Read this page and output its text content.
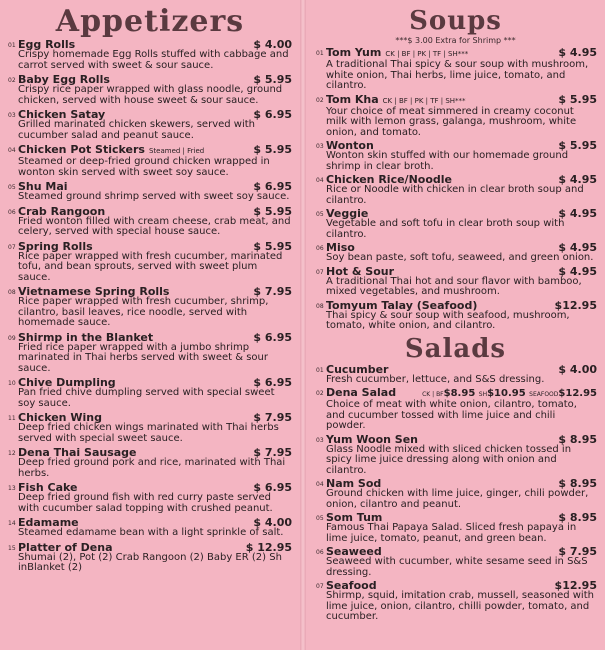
Appetizers
01 Egg Rolls	$ 4.00
Crispy homemade Egg Rolls stuffed with cabbage and carrot served with sweet & sour sauce.
02 Baby Egg Rolls	$ 5.95
Crispy rice paper wrapped with glass noodle, ground chicken, served with house sweet & sour sauce.
03 Chicken Satay	$ 6.95
Grilled marinated chicken skewers, served with cucumber salad and peanut sauce.
04 Chicken Pot Stickers Steamed | Fried	$ 5.95
Steamed or deep-fried ground chicken wrapped in wonton skin served with sweet soy sauce.
05 Shu Mai	$ 6.95
Steamed ground shrimp served with sweet soy sauce.
06 Crab Rangoon	$ 5.95
Fried wonton filled with cream cheese, crab meat, and celery, served with special house sauce.
07 Spring Rolls	$ 5.95
Rice paper wrapped with fresh cucumber, marinated tofu, and bean sprouts, served with sweet plum sauce.
08 Vietnamese Spring Rolls	$ 7.95
Rice paper wrapped with fresh cucumber, shrimp, cilantro, basil leaves, rice noodle, served with homemade sauce.
09 Shirmp in the Blanket	$ 6.95
Fried rice paper wrapped with a jumbo shrimp marinated in Thai herbs served with sweet & sour sauce.
10 Chive Dumpling	$ 6.95
Pan fried chive dumpling served with special sweet soy sauce.
11 Chicken Wing	$ 7.95
Deep fried chicken wings marinated with Thai herbs served with special sweet sauce.
12 Dena Thai Sausage	$ 7.95
Deep fried ground pork and rice, marinated with Thai herbs.
13 Fish Cake	$ 6.95
Deep fried ground fish with red curry paste served with cucumber salad topping with crushed peanut.
14 Edamame	$ 4.00
Steamed edamame bean with a light sprinkle of salt.
15 Platter of Dena	$ 12.95
Shumai (2), Pot (2) Crab Rangoon (2) Baby ER (2) Sh inBlanket (2)
Soups
***$ 3.00 Extra for Shrimp ***
01 Tom Yum CK | BF | PK | TF | SH***	$ 4.95
A traditional Thai spicy & sour soup with mushroom, white onion, Thai herbs, lime juice, tomato, and cilantro.
02 Tom Kha CK | BF | PK | TF | SH***	$ 5.95
Your choice of meat simmered in creamy coconut milk with lemon grass, galanga, mushroom, white onion, and tomato.
03 Wonton	$ 5.95
Wonton skin stuffed with our homemade ground shrimp in clear broth.
04 Chicken Rice/Noodle	$ 4.95
Rice or Noodle with chicken in clear broth soup and cilantro.
05 Veggie	$ 4.95
Vegetable and soft tofu in clear broth soup with cilantro.
06 Miso	$ 4.95
Soy bean paste, soft tofu, seaweed, and green onion.
07 Hot & Sour	$ 4.95
A traditional Thai hot and sour flavor with bamboo, mixed vegetables, and mushroom.
08 Tomyum Talay (Seafood)	$12.95
Thai spicy & sour soup with seafood, mushroom, tomato, white onion, and cilantro.
Salads
01 Cucumber	$ 4.00
Fresh cucumber, lettuce, and S&S dressing.
02 Dena Salad	CK | BF$8.95 SH$10.95 SEAFOOD$12.95
Choice of meat with white onion, cilantro, tomato, and cucumber tossed with lime juice and chili powder.
03 Yum Woon Sen	$ 8.95
Glass Noodle mixed with sliced chicken tossed in spicy lime juice dressing along with onion and cilantro.
04 Nam Sod	$ 8.95
Ground chicken with lime juice, ginger, chili powder, onion, cilantro and peanut.
05 Som Tum	$ 8.95
Famous Thai Papaya Salad. Sliced fresh papaya in lime juice, tomato, peanut, and green bean.
06 Seaweed	$ 7.95
Seaweed with cucumber, white sesame seed in S&S dressing.
07 Seafood	$12.95
Shirmp, squid, imitation crab, mussell, seasoned with lime juice, onion, cilantro, chilli powder, tomato, and cucumber.
